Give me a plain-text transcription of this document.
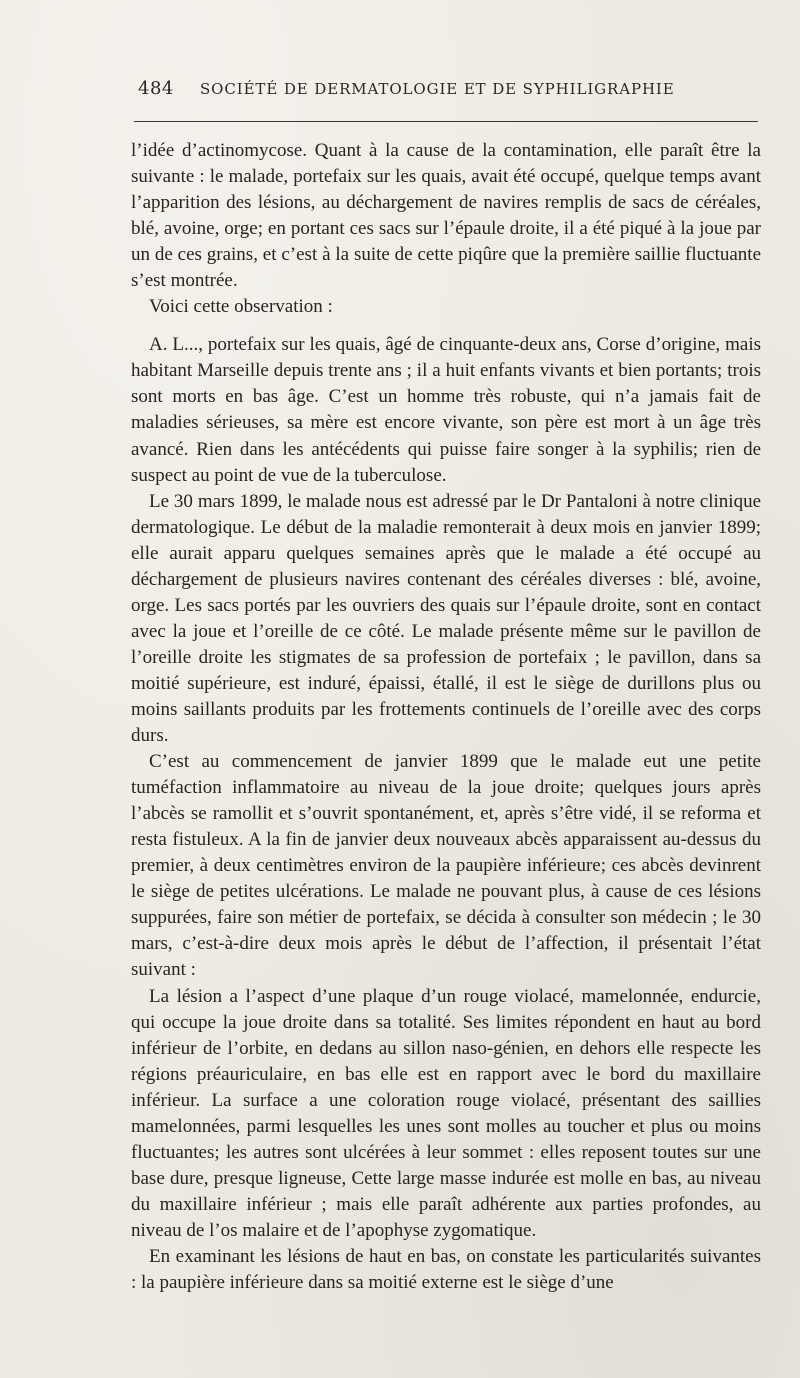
484 SOCIÉTÉ DE DERMATOLOGIE ET DE SYPHILIGRAPHIE

l’idée d’actinomycose. Quant à la cause de la contamination, elle paraît être la suivante : le malade, portefaix sur les quais, avait été occupé, quelque temps avant l’apparition des lésions, au déchargement de navires remplis de sacs de céréales, blé, avoine, orge; en portant ces sacs sur l’épaule droite, il a été piqué à la joue par un de ces grains, et c’est à la suite de cette piqûre que la première saillie fluctuante s’est montrée.

Voici cette observation :

A. L..., portefaix sur les quais, âgé de cinquante-deux ans, Corse d’origine, mais habitant Marseille depuis trente ans ; il a huit enfants vivants et bien portants; trois sont morts en bas âge. C’est un homme très robuste, qui n’a jamais fait de maladies sérieuses, sa mère est encore vivante, son père est mort à un âge très avancé. Rien dans les antécédents qui puisse faire songer à la syphilis; rien de suspect au point de vue de la tuberculose.

Le 30 mars 1899, le malade nous est adressé par le Dr Pantaloni à notre clinique dermatologique. Le début de la maladie remonterait à deux mois en janvier 1899; elle aurait apparu quelques semaines après que le malade a été occupé au déchargement de plusieurs navires contenant des céréales diverses : blé, avoine, orge. Les sacs portés par les ouvriers des quais sur l’épaule droite, sont en contact avec la joue et l’oreille de ce côté. Le malade présente même sur le pavillon de l’oreille droite les stigmates de sa profession de portefaix ; le pavillon, dans sa moitié supérieure, est induré, épaissi, étallé, il est le siège de durillons plus ou moins saillants produits par les frottements continuels de l’oreille avec des corps durs.

C’est au commencement de janvier 1899 que le malade eut une petite tuméfaction inflammatoire au niveau de la joue droite; quelques jours après l’abcès se ramollit et s’ouvrit spontanément, et, après s’être vidé, il se reforma et resta fistuleux. A la fin de janvier deux nouveaux abcès apparaissent au-dessus du premier, à deux centimètres environ de la paupière inférieure; ces abcès devinrent le siège de petites ulcérations. Le malade ne pouvant plus, à cause de ces lésions suppurées, faire son métier de portefaix, se décida à consulter son médecin ; le 30 mars, c’est-à-dire deux mois après le début de l’affection, il présentait l’état suivant :

La lésion a l’aspect d’une plaque d’un rouge violacé, mamelonnée, endurcie, qui occupe la joue droite dans sa totalité. Ses limites répondent en haut au bord inférieur de l’orbite, en dedans au sillon naso-génien, en dehors elle respecte les régions préauriculaire, en bas elle est en rapport avec le bord du maxillaire inférieur. La surface a une coloration rouge violacé, présentant des saillies mamelonnées, parmi lesquelles les unes sont molles au toucher et plus ou moins fluctuantes; les autres sont ulcérées à leur sommet : elles reposent toutes sur une base dure, presque ligneuse, Cette large masse indurée est molle en bas, au niveau du maxillaire inférieur ; mais elle paraît adhérente aux parties profondes, au niveau de l’os malaire et de l’apophyse zygomatique.

En examinant les lésions de haut en bas, on constate les particularités suivantes : la paupière inférieure dans sa moitié externe est le siège d’une
